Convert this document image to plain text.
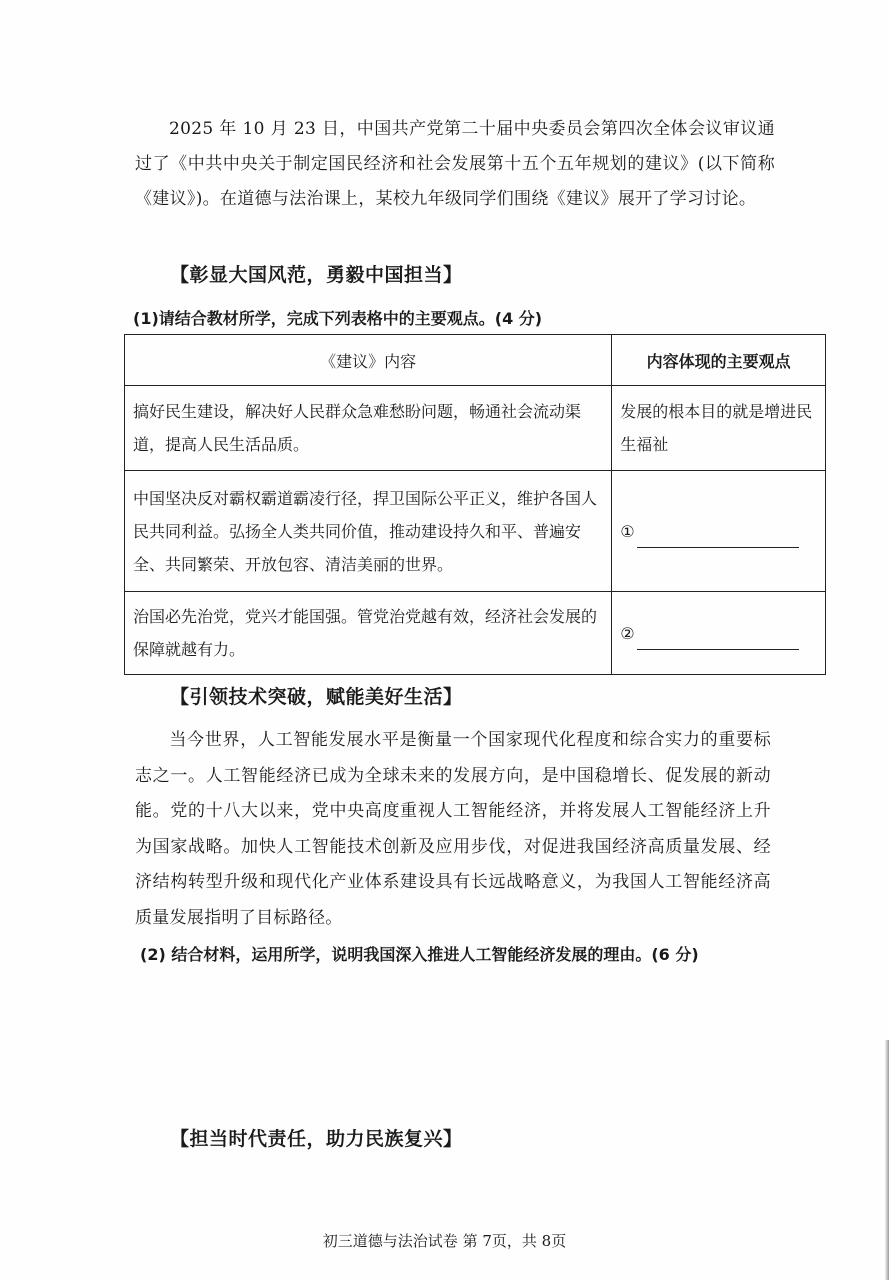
2025 年 10 月 23 日，中国共产党第二十届中央委员会第四次全体会议审议通过了《中共中央关于制定国民经济和社会发展第十五个五年规划的建议》(以下简称《建议》)。在道德与法治课上，某校九年级同学们围绕《建议》展开了学习讨论。

【彰显大国风范，勇毅中国担当】

(1)请结合教材所学，完成下列表格中的主要观点。(4 分)

《建议》内容	内容体现的主要观点
搞好民生建设，解决好人民群众急难愁盼问题，畅通社会流动渠道，提高人民生活品质。	发展的根本目的就是增进民生福祉
中国坚决反对霸权霸道霸凌行径，捍卫国际公平正义，维护各国人民共同利益。弘扬全人类共同价值，推动建设持久和平、普遍安全、共同繁荣、开放包容、清洁美丽的世界。	①

治国必先治党，党兴才能国强。管党治党越有效，经济社会发展的保障就越有力。	②
【引领技术突破，赋能美好生活】

当今世界，人工智能发展水平是衡量一个国家现代化程度和综合实力的重要标志之一。人工智能经济已成为全球未来的发展方向，是中国稳增长、促发展的新动能。党的十八大以来，党中央高度重视人工智能经济，并将发展人工智能经济上升为国家战略。加快人工智能技术创新及应用步伐，对促进我国经济高质量发展、经济结构转型升级和现代化产业体系建设具有长远战略意义，为我国人工智能经济高质量发展指明了目标路径。

(2) 结合材料，运用所学，说明我国深入推进人工智能经济发展的理由。(6 分)

【担当时代责任，助力民族复兴】

初三道德与法治试卷 第 7页，共 8页
